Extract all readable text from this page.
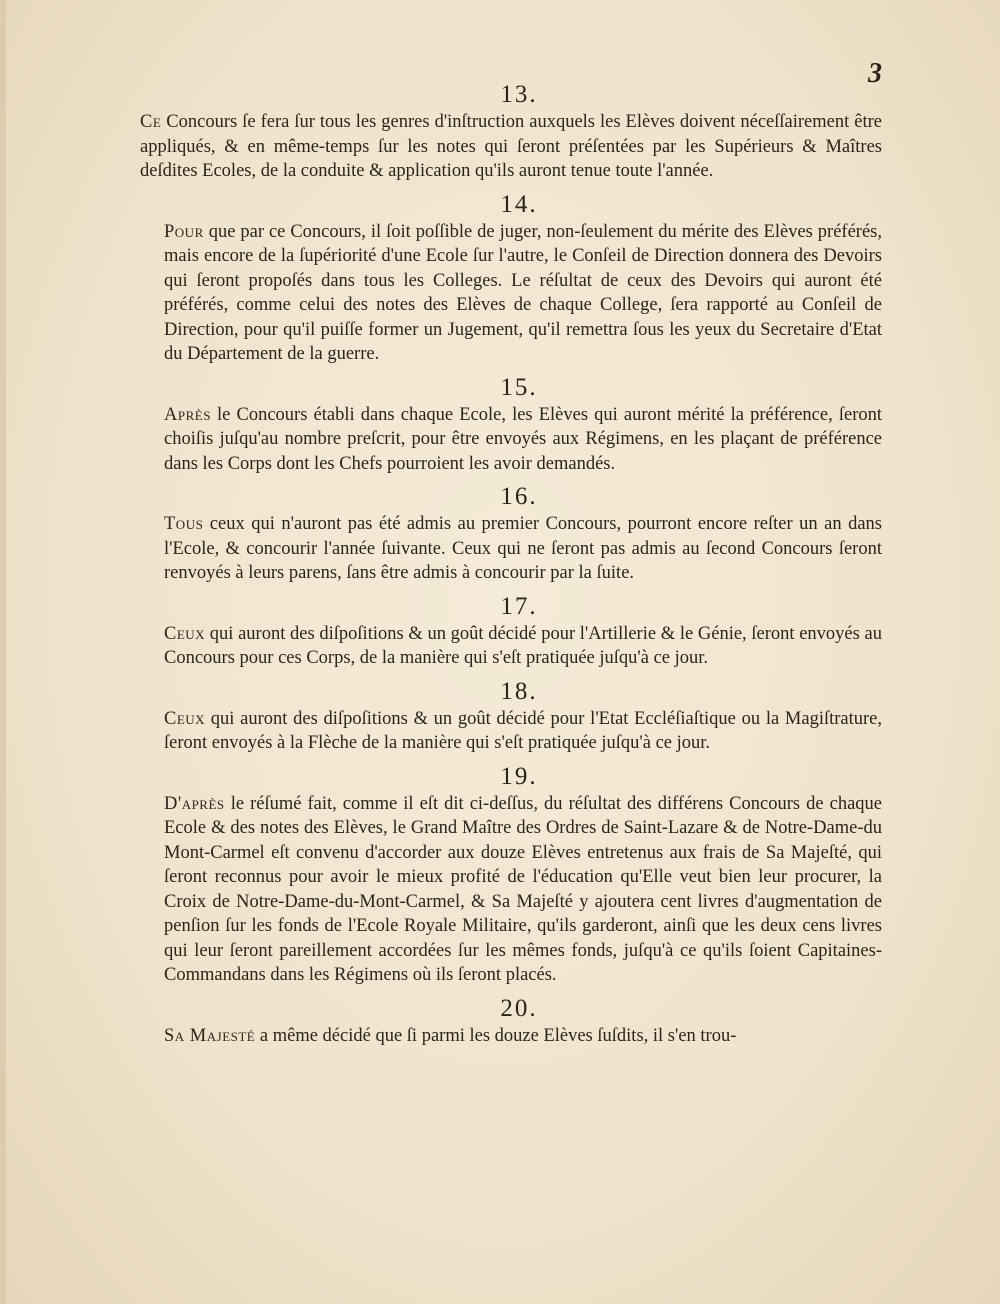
3
13.

Ce Concours ſe fera ſur tous les genres d'inſtruction auxquels les Elèves doivent néceſſairement être appliqués, & en même-temps ſur les notes qui ſeront préſentées par les Supérieurs & Maîtres deſdites Ecoles, de la conduite & application qu'ils auront tenue toute l'année.

14.

Pour que par ce Concours, il ſoit poſſible de juger, non-ſeulement du mérite des Elèves préférés, mais encore de la ſupériorité d'une Ecole ſur l'autre, le Conſeil de Direction donnera des Devoirs qui ſeront propoſés dans tous les Colleges. Le réſultat de ceux des Devoirs qui auront été préférés, comme celui des notes des Elèves de chaque College, ſera rapporté au Conſeil de Direction, pour qu'il puiſſe former un Jugement, qu'il remettra ſous les yeux du Secretaire d'Etat du Département de la guerre.

15.

Après le Concours établi dans chaque Ecole, les Elèves qui auront mérité la préférence, ſeront choiſis juſqu'au nombre preſcrit, pour être envoyés aux Régimens, en les plaçant de préférence dans les Corps dont les Chefs pourroient les avoir demandés.

16.

Tous ceux qui n'auront pas été admis au premier Concours, pourront encore reſter un an dans l'Ecole, & concourir l'année ſuivante. Ceux qui ne ſeront pas admis au ſecond Concours ſeront renvoyés à leurs parens, ſans être admis à concourir par la ſuite.

17.

Ceux qui auront des diſpoſitions & un goût décidé pour l'Artillerie & le Génie, ſeront envoyés au Concours pour ces Corps, de la manière qui s'eſt pratiquée juſqu'à ce jour.

18.

Ceux qui auront des diſpoſitions & un goût décidé pour l'Etat Eccléſiaſtique ou la Magiſtrature, ſeront envoyés à la Flèche de la manière qui s'eſt pratiquée juſqu'à ce jour.

19.

D'après le réſumé fait, comme il eſt dit ci-deſſus, du réſultat des différens Concours de chaque Ecole & des notes des Elèves, le Grand Maître des Ordres de Saint-Lazare & de Notre-Dame-du Mont-Carmel eſt convenu d'accorder aux douze Elèves entretenus aux frais de Sa Majeſté, qui ſeront reconnus pour avoir le mieux profité de l'éducation qu'Elle veut bien leur procurer, la Croix de Notre-Dame-du-Mont-Carmel, & Sa Majeſté y ajoutera cent livres d'augmentation de penſion ſur les fonds de l'Ecole Royale Militaire, qu'ils garderont, ainſi que les deux cens livres qui leur ſeront pareillement accordées ſur les mêmes fonds, juſqu'à ce qu'ils ſoient Capitaines-Commandans dans les Régimens où ils ſeront placés.

20.

Sa Majesté a même décidé que ſi parmi les douze Elèves ſuſdits, il s'en trou-
